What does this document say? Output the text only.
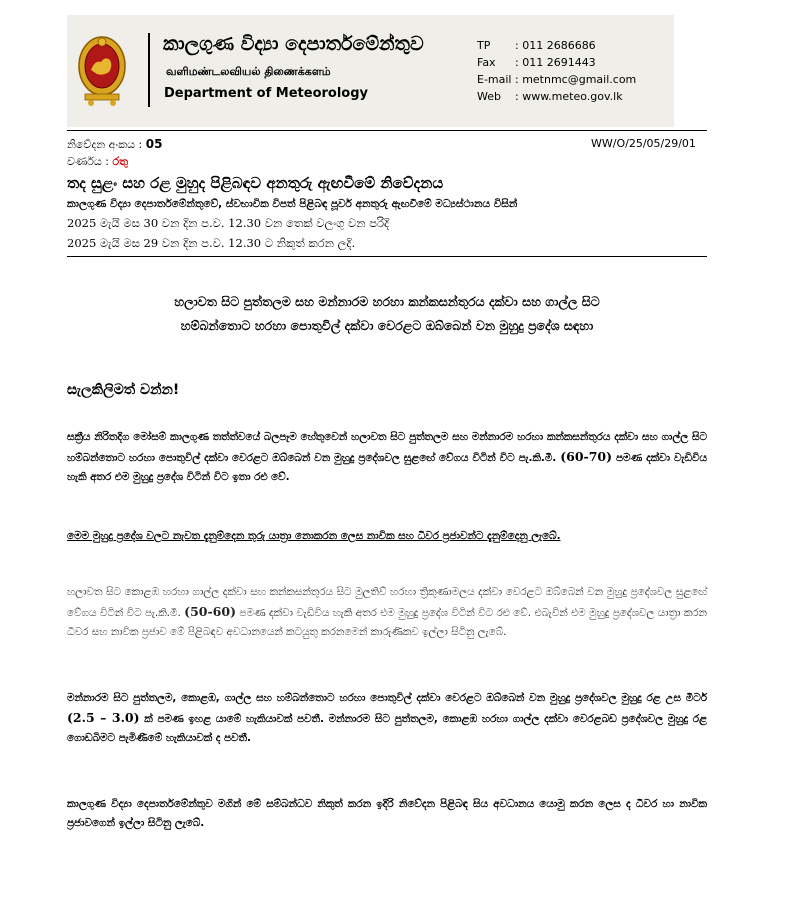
කාලගුණ විද්‍යා දෙපාර්තමේන්තුව
வளிமண்டலவியல் திணைக்களம்
Department of Meteorology
TP : 011 2686686
Fax : 011 2691443
E-mail : metnmc@gmail.com
Web : www.meteo.gov.lk
නිවේදන අංකය : 05	WW/O/25/05/29/01
වර්ණය : රතු
තද සුළං සහ රළ මුහුද පිළිබඳව අනතුරු ඇඟවීමේ නිවේදනය
කාලගුණ විද්‍යා දෙපාර්තමේන්තුවේ, ස්වභාවික විපත් පිළිබඳ පූර්ව අනතුරු ඇඟවීමේ මධ්‍යස්ථානය විසින්
2025 මැයි මස 30 වන දින ප.ව. 12.30 වන තෙක් වලංගු වන පරිදි
2025 මැයි මස 29 වන දින ප.ව. 12.30 ට නිකුත් කරන ලදි.
හලාවත සිට පුත්තලම සහ මන්නාරම හරහා කන්කසන්තුරය දක්වා සහ ගාල්ල සිට
හම්බන්තොට හරහා පොතුවිල් දක්වා වෙරළට ඔබ්බෙන් වන මුහුදු ප්‍රදේශ සඳහා
සැලකිලිමත් වන්න!
සක්‍රීය නිරිතදිග මෝසම් කාලගුණ තත්ත්වයේ බලපෑම හේතුවෙන් හලාවත සිට පුත්තලම සහ මන්නාරම හරහා කන්කසන්තුරය දක්වා සහ ගාල්ල සිට හම්බන්තොට හරහා පොතුවිල් දක්වා වෙරළට ඔබ්බෙන් වන මුහුදු ප්‍රදේශවල සුළඟේ වේගය විටින් විට පැ.කි.මී. (60-70) පමණ දක්වා වැඩිවිය හැකි අතර එම මුහුදු ප්‍රදේශ විටින් විට ඉතා රළු වේ.
මෙම මුහුදු ප්‍රදේශ වලට නැවත දැනුම්දෙන තුරු යාත්‍රා නොකරන ලෙස නාවික සහ ධීවර ප්‍රජාවන්ට දැනුම්දෙනු ලැබේ.
හලාවත සිට කොළඹ හරහා ගාල්ල දක්වා සහ කන්කසන්තුරය සිට මුලතිව් හරහා ත්‍රිකුණාමලය දක්වා වෙරළට ඔබ්බෙන් වන මුහුදු ප්‍රදේශවල සුළඟේ වේගය විටින් විට පැ.කි.මී. (50-60) පමණ දක්වා වැඩිවිය හැකි අතර එම මුහුදු ප්‍රදේශ විටින් විට රළු වේ. එබැවින් එම මුහුදු ප්‍රදේශවල යාත්‍රා කරන ධීවර සහ නාවික ප්‍රජාව මේ පිළිබඳව අවධානයෙන් කටයුතු කරනමෙන් කාරුණිකව ඉල්ලා සිටිනු ලැබේ.
මන්නාරම සිට පුත්තලම, කොළඹ, ගාල්ල සහ හම්බන්තොට හරහා පොතුවිල් දක්වා වෙරළට ඔබ්බෙන් වන මුහුදු ප්‍රදේශවල මුහුදු රළ උස මීටර් (2.5 – 3.0) ක් පමණ ඉහළ යාමේ හැකියාවක් පවතී. මන්නාරම සිට පුත්තලම, කොළඹ හරහා ගාල්ල දක්වා වෙරළබඩ ප්‍රදේශවල මුහුදු රළ ගොඩබිමට පැමිණීමේ හැකියාවක් ද පවතී.
කාලගුණ විද්‍යා දෙපාර්තමේන්තුව මගින් මේ සම්බන්ධව නිකුත් කරන ඉදිරි නිවේදන පිළිබඳ සිය අවධානය යොමු කරන ලෙස ද ධීවර හා නාවික ප්‍රජාවගෙන් ඉල්ලා සිටිනු ලැබේ.
